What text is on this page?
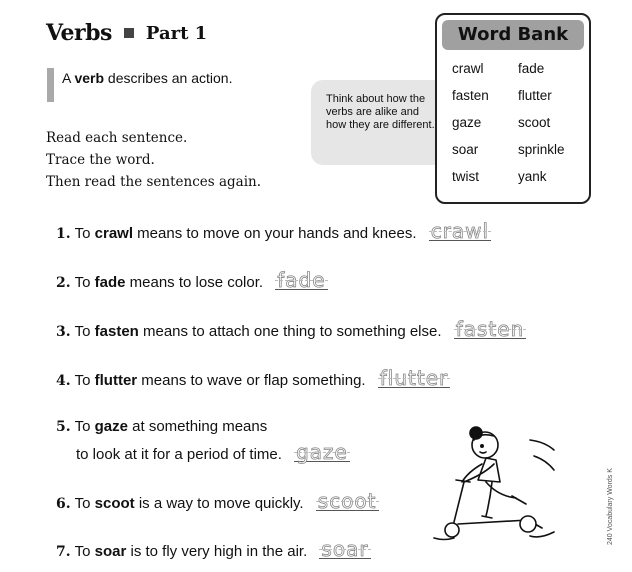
Verbs Part 1
A verb describes an action.
Think about how the verbs are alike and how they are different.
Read each sentence.
Trace the word.
Then read the sentences again.
Word Bank
crawl	fade
fasten	flutter
gaze	scoot
soar	sprinkle
twist	yank
1. To crawl means to move on your hands and knees. crawl
2. To fade means to lose color. fade
3. To fasten means to attach one thing to something else. fasten
4. To flutter means to wave or flap something. flutter
5. To gaze at something means
to look at it for a period of time. gaze
6. To scoot is a way to move quickly. scoot
7. To soar is to fly very high in the air. soar
240 Vocabulary Words K
